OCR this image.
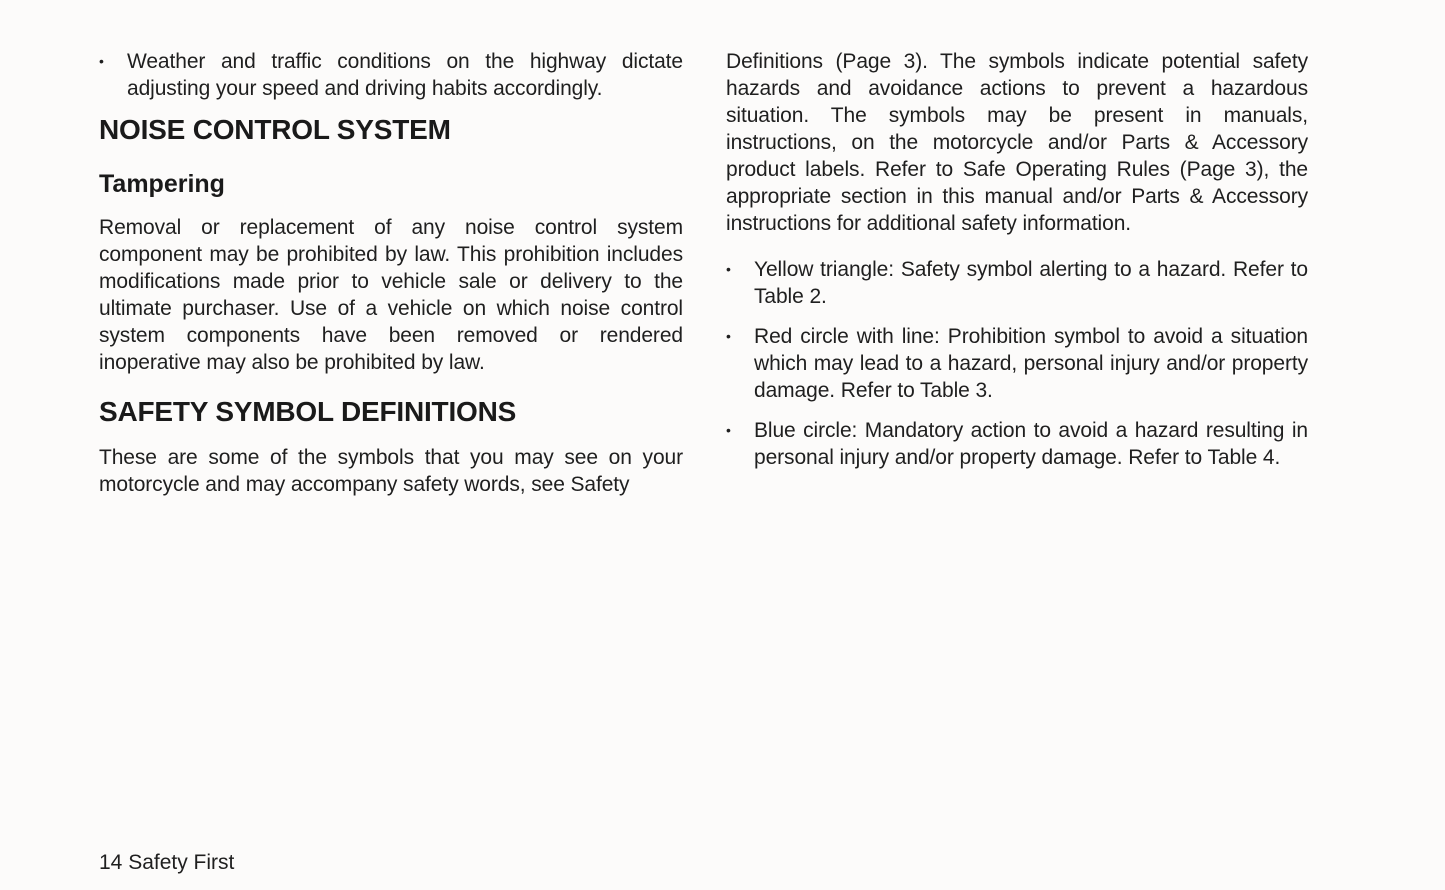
• Weather and traffic conditions on the highway dictate adjusting your speed and driving habits accordingly.
NOISE CONTROL SYSTEM
Tampering

Removal or replacement of any noise control system component may be prohibited by law. This prohibition includes modifications made prior to vehicle sale or delivery to the ultimate purchaser. Use of a vehicle on which noise control system components have been removed or rendered inoperative may also be prohibited by law.

SAFETY SYMBOL DEFINITIONS

These are some of the symbols that you may see on your motorcycle and may accompany safety words, see Safety

Definitions (Page 3). The symbols indicate potential safety hazards and avoidance actions to prevent a hazardous situation. The symbols may be present in manuals, instructions, on the motorcycle and/or Parts & Accessory product labels. Refer to Safe Operating Rules (Page 3), the appropriate section in this manual and/or Parts & Accessory instructions for additional safety information.

• Yellow triangle: Safety symbol alerting to a hazard. Refer to Table 2.
• Red circle with line: Prohibition symbol to avoid a situation which may lead to a hazard, personal injury and/or property damage. Refer to Table 3.
• Blue circle: Mandatory action to avoid a hazard resulting in personal injury and/or property damage. Refer to Table 4.
14 Safety First
